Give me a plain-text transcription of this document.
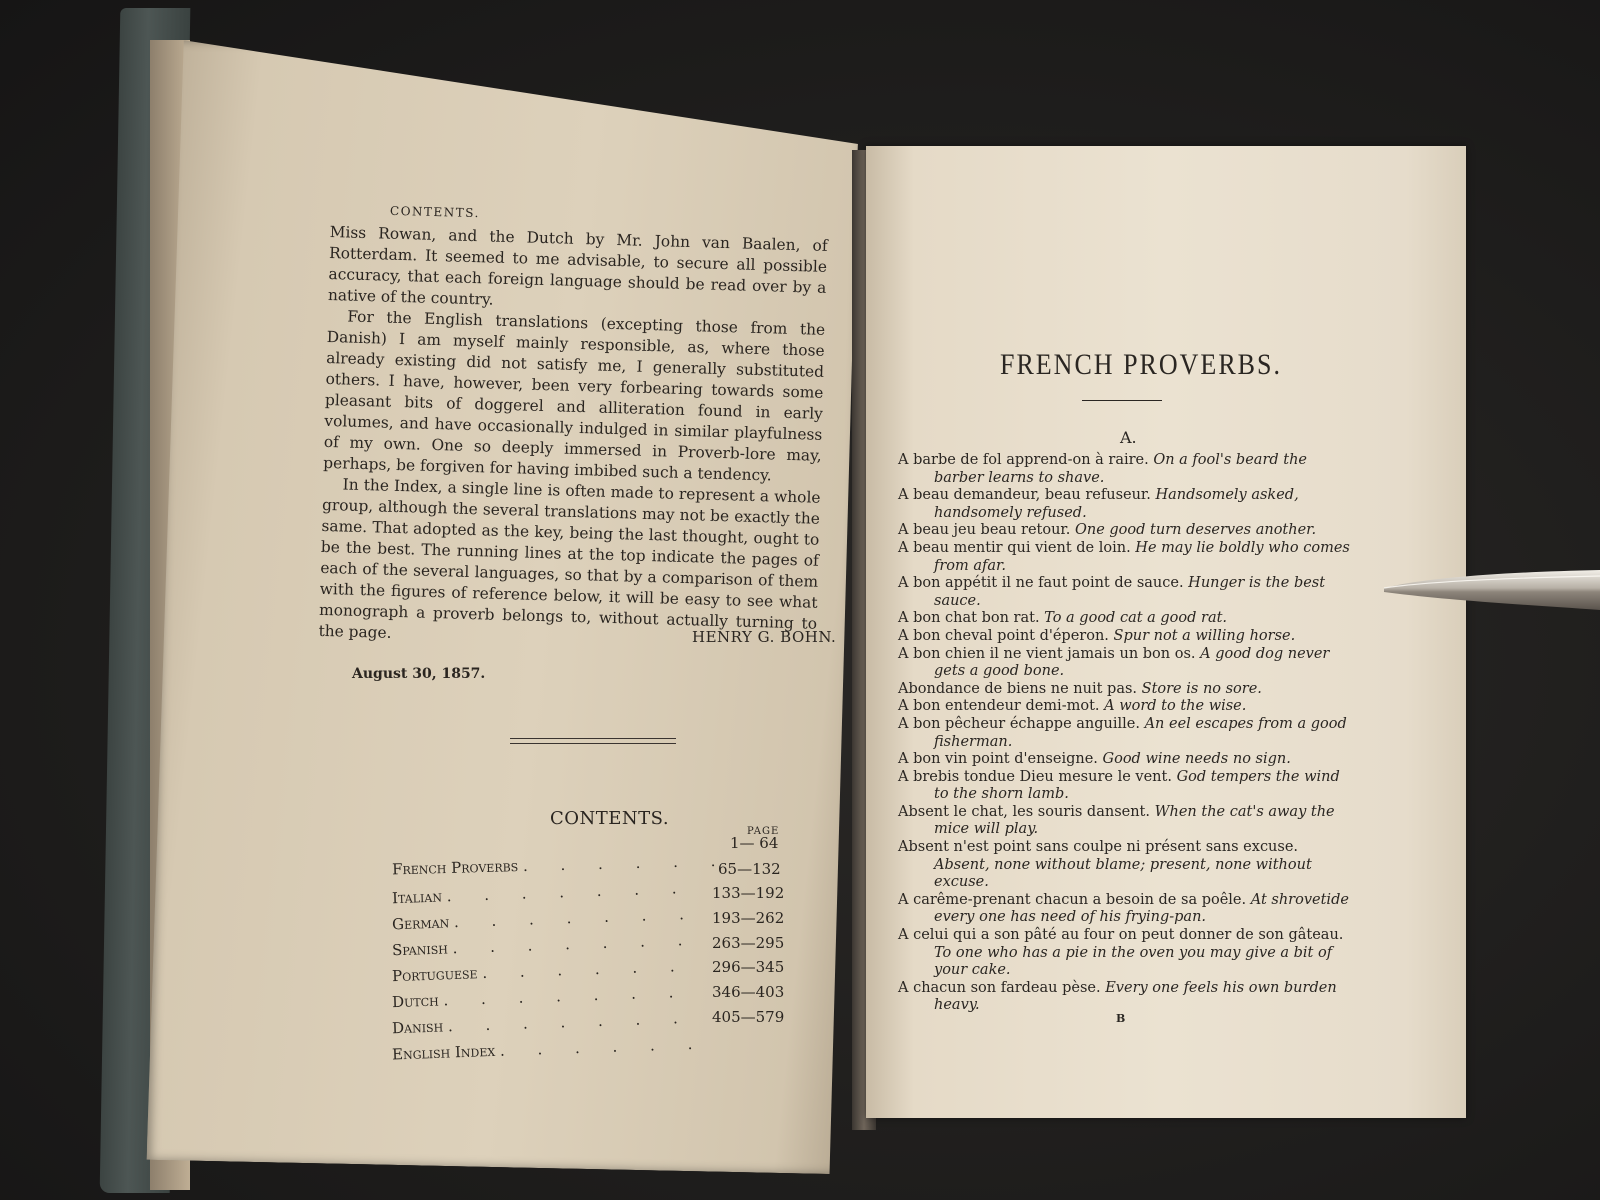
CONTENTS.

Miss Rowan, and the Dutch by Mr. John van Baalen, of Rotterdam. It seemed to me advisable, to secure all possible accuracy, that each foreign language should be read over by a native of the country.

For the English translations (excepting those from the Danish) I am myself mainly responsible, as, where those already existing did not satisfy me, I generally substituted others. I have, however, been very forbearing towards some pleasant bits of doggerel and alliteration found in early volumes, and have occasionally indulged in similar playfulness of my own. One so deeply immersed in Proverb-lore may, perhaps, be forgiven for having imbibed such a tendency.

In the Index, a single line is often made to represent a whole group, although the several translations may not be exactly the same. That adopted as the key, being the last thought, ought to be the best. The running lines at the top indicate the pages of each of the several languages, so that by a comparison of them with the figures of reference below, it will be easy to see what monograph a proverb belongs to, without actually turning to the page.	HENRY G. BOHN.
August 30, 1857.
CONTENTS.
PAGE
French Proverbs . . . . . .
1— 64
Italian . . . . . . .
65—132
German . . . . . . .
133—192
Spanish . . . . . . .
193—262
Portuguese . . . . . .
263—295
Dutch . . . . . . .
296—345
Danish . . . . . . .
346—403
English Index . . . . . .
405—579
FRENCH PROVERBS.
A.

A barbe de fol apprend-on à raire. On a fool's beard the barber learns to shave.

A beau demandeur, beau refuseur. Handsomely asked, handsomely refused.

A beau jeu beau retour. One good turn deserves another.

A beau mentir qui vient de loin. He may lie boldly who comes from afar.

A bon appétit il ne faut point de sauce. Hunger is the best sauce.

A bon chat bon rat. To a good cat a good rat.

A bon cheval point d'éperon. Spur not a willing horse.

A bon chien il ne vient jamais un bon os. A good dog never gets a good bone.

Abondance de biens ne nuit pas. Store is no sore.

A bon entendeur demi-mot. A word to the wise.

A bon pêcheur échappe anguille. An eel escapes from a good fisherman.

A bon vin point d'enseigne. Good wine needs no sign.

A brebis tondue Dieu mesure le vent. God tempers the wind to the shorn lamb.

Absent le chat, les souris dansent. When the cat's away the mice will play.

Absent n'est point sans coulpe ni présent sans excuse. Absent, none without blame; present, none without excuse.

A carême-prenant chacun a besoin de sa poêle. At shrovetide every one has need of his frying-pan.

A celui qui a son pâté au four on peut donner de son gâteau. To one who has a pie in the oven you may give a bit of your cake.

A chacun son fardeau pèse. Every one feels his own burden heavy.

B
